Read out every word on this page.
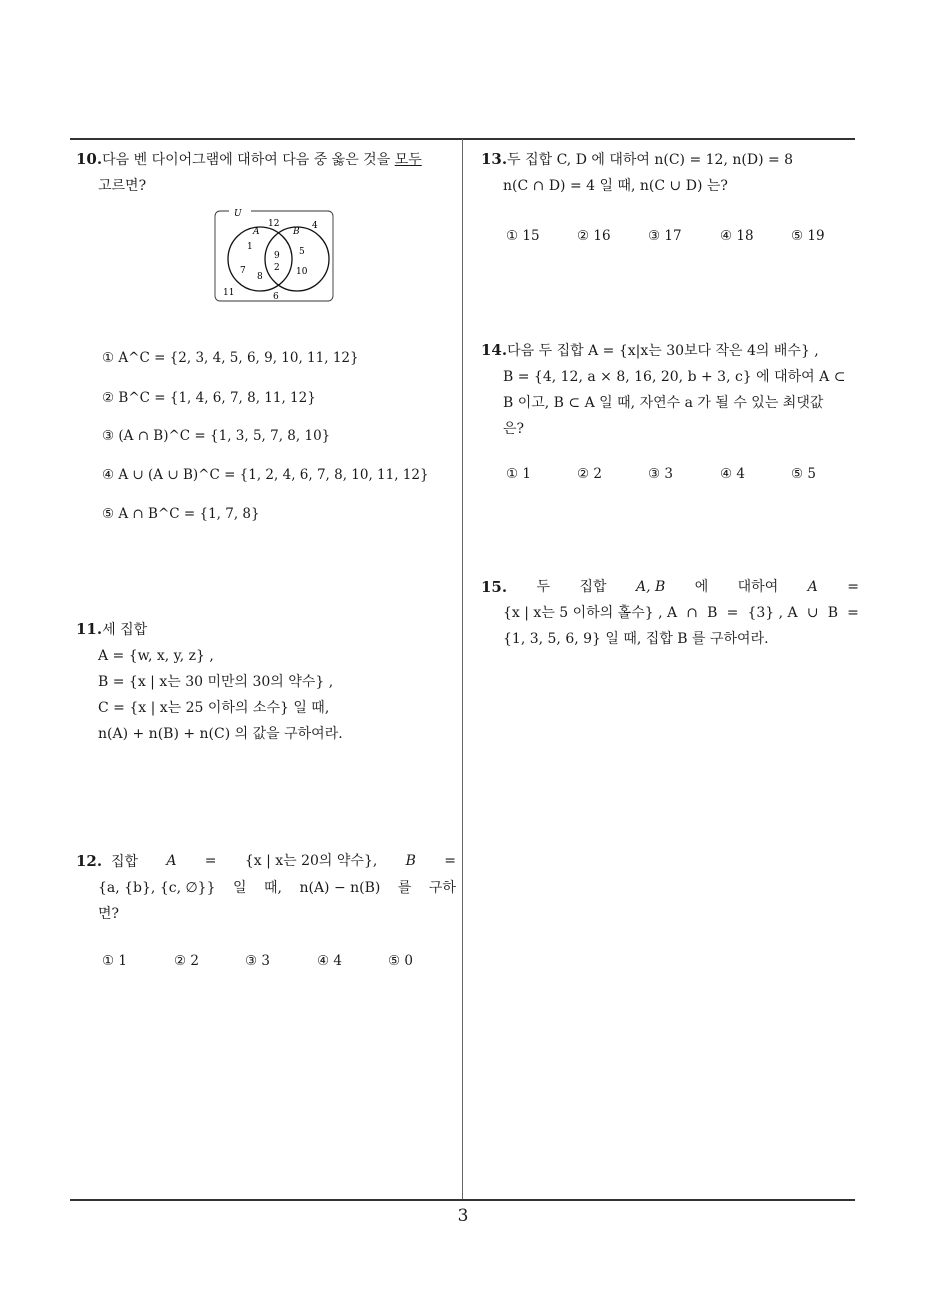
10.다음 벤 다이어그램에 대하여 다음 중 옳은 것을 모두
고르면?
U
A	B
12	4
1
9
2
5
7
8	10
11	6
① A^C = {2, 3, 4, 5, 6, 9, 10, 11, 12}
② B^C = {1, 4, 6, 7, 8, 11, 12}
③ (A ∩ B)^C = {1, 3, 5, 7, 8, 10}
④ A ∪ (A ∪ B)^C = {1, 2, 4, 6, 7, 8, 10, 11, 12}
⑤ A ∩ B^C = {1, 7, 8}
11.세 집합
A = {w, x, y, z} ,
B = {x | x는 30 미만의 30의 약수} ,
C = {x | x는 25 이하의 소수} 일 때,
n(A) + n(B) + n(C) 의 값을 구하여라.
12. 집합 A = {x | x는 20의 약수}, B =
{a, {b}, {c, ∅}} 일 때, n(A) − n(B) 를 구하
면?
① 1	② 2	③ 3	④ 4	⑤ 0
13.두 집합 C, D 에 대하여 n(C) = 12, n(D) = 8
n(C ∩ D) = 4 일 때, n(C ∪ D) 는?
① 15	② 16	③ 17	④ 18	⑤ 19
14.다음 두 집합 A = {x|x는 30보다 작은 4의 배수} ,
B = {4, 12, a × 8, 16, 20, b + 3, c} 에 대하여 A ⊂
B 이고, B ⊂ A 일 때, 자연수 a 가 될 수 있는 최댓값
은?
① 1	② 2	③ 3	④ 4	⑤ 5
15. 두 집합 A, B 에 대하여 A =
{x | x는 5 이하의 홀수} , A ∩ B = {3} , A ∪ B =
{1, 3, 5, 6, 9} 일 때, 집합 B 를 구하여라.
3
